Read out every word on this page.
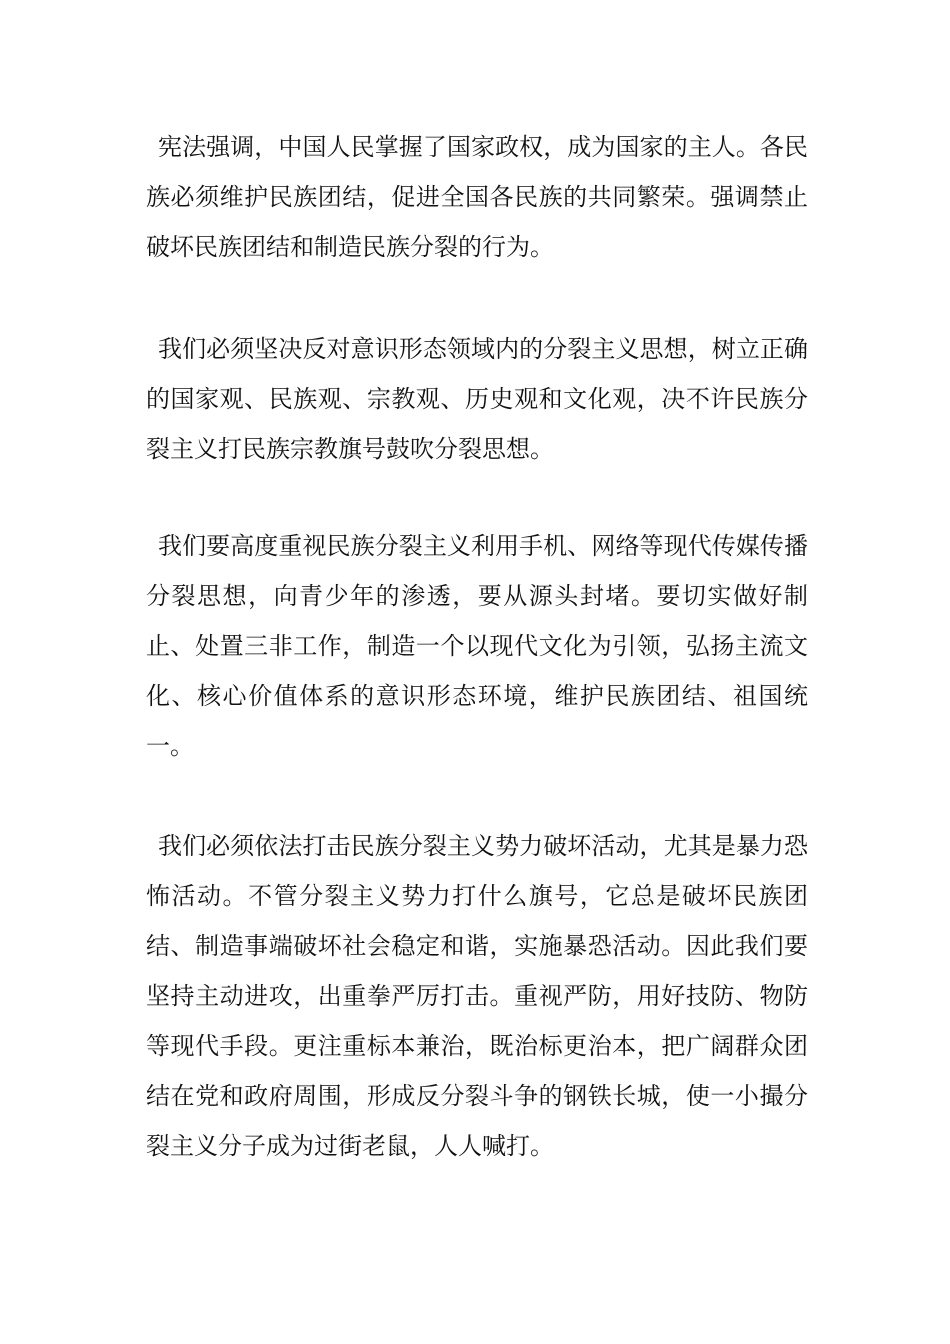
宪法强调，中国人民掌握了国家政权，成为国家的主人。各民族必须维护民族团结，促进全国各民族的共同繁荣。强调禁止破坏民族团结和制造民族分裂的行为。

我们必须坚决反对意识形态领域内的分裂主义思想，树立正确的国家观、民族观、宗教观、历史观和文化观，决不许民族分裂主义打民族宗教旗号鼓吹分裂思想。

我们要高度重视民族分裂主义利用手机、网络等现代传媒传播分裂思想，向青少年的渗透，要从源头封堵。要切实做好制止、处置三非工作，制造一个以现代文化为引领，弘扬主流文化、核心价值体系的意识形态环境，维护民族团结、祖国统一。

我们必须依法打击民族分裂主义势力破坏活动，尤其是暴力恐怖活动。不管分裂主义势力打什么旗号，它总是破坏民族团结、制造事端破坏社会稳定和谐，实施暴恐活动。因此我们要坚持主动进攻，出重拳严厉打击。重视严防，用好技防、物防等现代手段。更注重标本兼治，既治标更治本，把广阔群众团结在党和政府周围，形成反分裂斗争的钢铁长城，使一小撮分裂主义分子成为过街老鼠，人人喊打。
